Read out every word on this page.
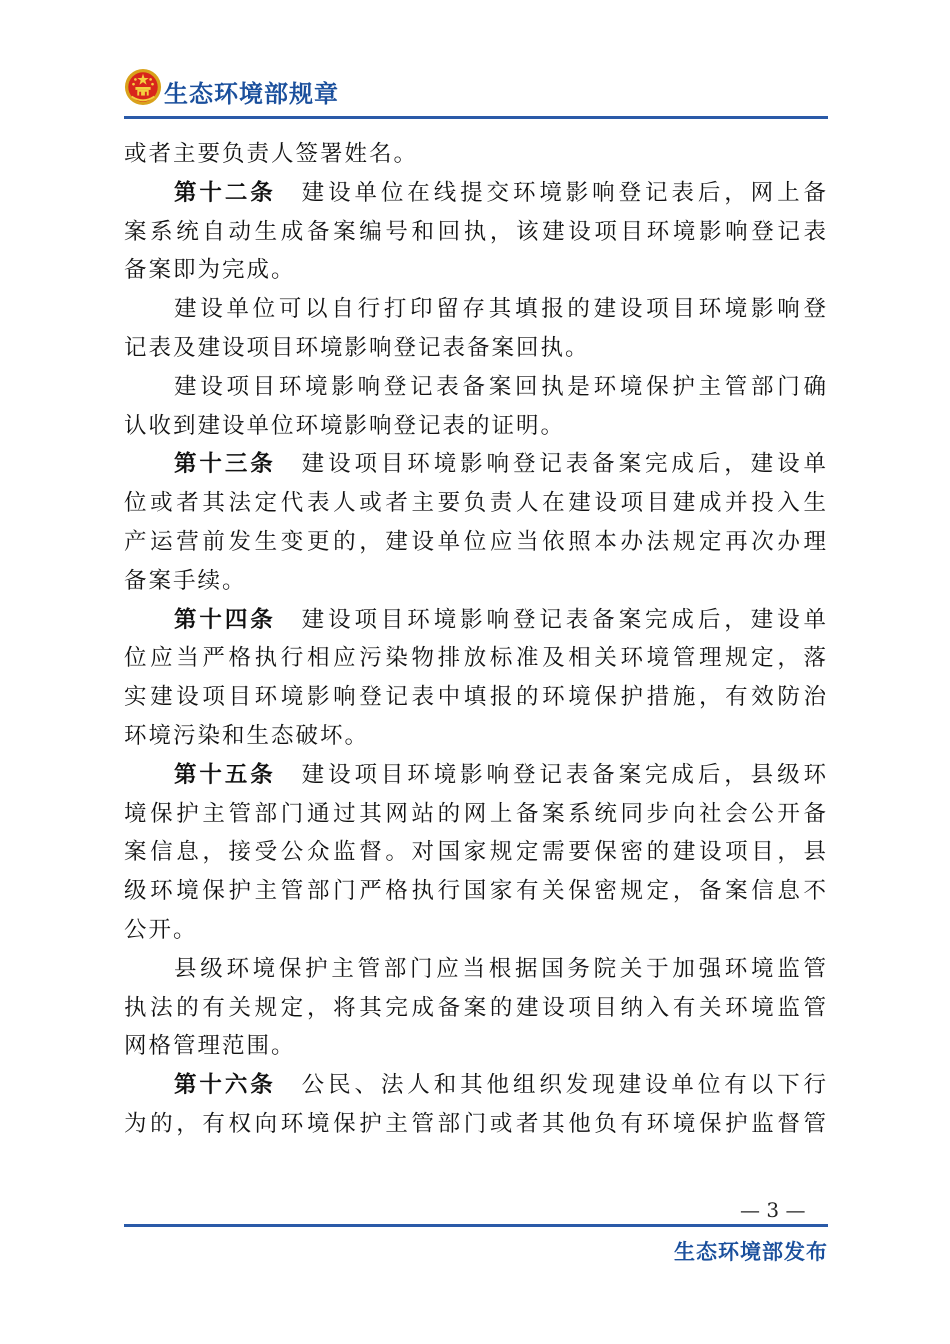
生态环境部规章
或者主要负责人签署姓名。
第十二条 建设单位在线提交环境影响登记表后，网上备
案系统自动生成备案编号和回执，该建设项目环境影响登记表
备案即为完成。
建设单位可以自行打印留存其填报的建设项目环境影响登
记表及建设项目环境影响登记表备案回执。
建设项目环境影响登记表备案回执是环境保护主管部门确
认收到建设单位环境影响登记表的证明。
第十三条 建设项目环境影响登记表备案完成后，建设单
位或者其法定代表人或者主要负责人在建设项目建成并投入生
产运营前发生变更的，建设单位应当依照本办法规定再次办理
备案手续。
第十四条 建设项目环境影响登记表备案完成后，建设单
位应当严格执行相应污染物排放标准及相关环境管理规定，落
实建设项目环境影响登记表中填报的环境保护措施，有效防治
环境污染和生态破坏。
第十五条 建设项目环境影响登记表备案完成后，县级环
境保护主管部门通过其网站的网上备案系统同步向社会公开备
案信息，接受公众监督。对国家规定需要保密的建设项目，县
级环境保护主管部门严格执行国家有关保密规定，备案信息不
公开。
县级环境保护主管部门应当根据国务院关于加强环境监管
执法的有关规定，将其完成备案的建设项目纳入有关环境监管
网格管理范围。
第十六条 公民、法人和其他组织发现建设单位有以下行
为的，有权向环境保护主管部门或者其他负有环境保护监督管
— 3 —
生态环境部发布
